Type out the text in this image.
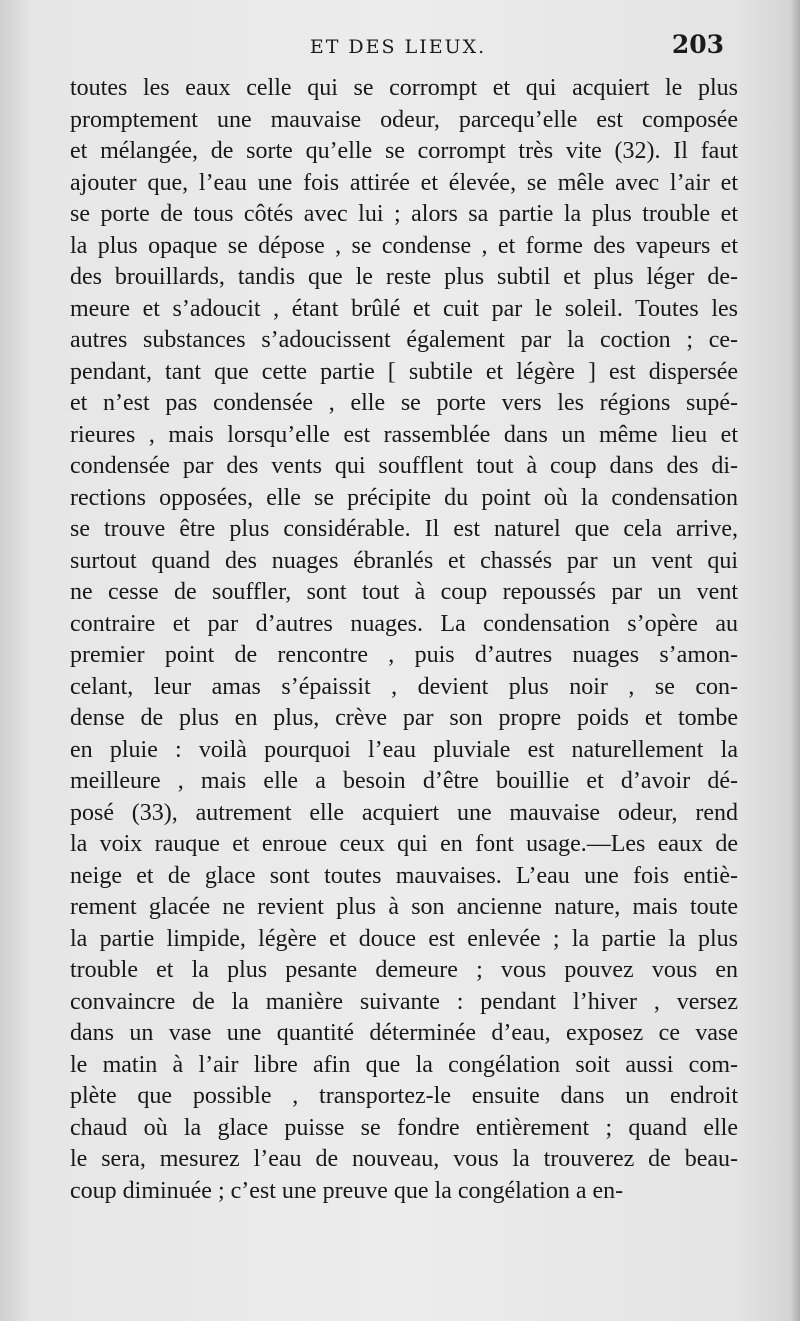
ET DES LIEUX.	203
toutes les eaux celle qui se corrompt et qui acquiert le plus
promptement une mauvaise odeur, parcequ’elle est composée
et mélangée, de sorte qu’elle se corrompt très vite (32). Il faut
ajouter que, l’eau une fois attirée et élevée, se mêle avec l’air et
se porte de tous côtés avec lui ; alors sa partie la plus trouble et
la plus opaque se dépose , se condense , et forme des vapeurs et
des brouillards, tandis que le reste plus subtil et plus léger de-
meure et s’adoucit , étant brûlé et cuit par le soleil. Toutes les
autres substances s’adoucissent également par la coction ; ce-
pendant, tant que cette partie [ subtile et légère ] est dispersée
et n’est pas condensée , elle se porte vers les régions supé-
rieures , mais lorsqu’elle est rassemblée dans un même lieu et
condensée par des vents qui soufflent tout à coup dans des di-
rections opposées, elle se précipite du point où la condensation
se trouve être plus considérable. Il est naturel que cela arrive,
surtout quand des nuages ébranlés et chassés par un vent qui
ne cesse de souffler, sont tout à coup repoussés par un vent
contraire et par d’autres nuages. La condensation s’opère au
premier point de rencontre , puis d’autres nuages s’amon-
celant, leur amas s’épaissit , devient plus noir , se con-
dense de plus en plus, crève par son propre poids et tombe
en pluie : voilà pourquoi l’eau pluviale est naturellement la
meilleure , mais elle a besoin d’être bouillie et d’avoir dé-
posé (33), autrement elle acquiert une mauvaise odeur, rend
la voix rauque et enroue ceux qui en font usage.—Les eaux de
neige et de glace sont toutes mauvaises. L’eau une fois entiè-
rement glacée ne revient plus à son ancienne nature, mais toute
la partie limpide, légère et douce est enlevée ; la partie la plus
trouble et la plus pesante demeure ; vous pouvez vous en
convaincre de la manière suivante : pendant l’hiver , versez
dans un vase une quantité déterminée d’eau, exposez ce vase
le matin à l’air libre afin que la congélation soit aussi com-
plète que possible , transportez-le ensuite dans un endroit
chaud où la glace puisse se fondre entièrement ; quand elle
le sera, mesurez l’eau de nouveau, vous la trouverez de beau-
coup diminuée ; c’est une preuve que la congélation a en-
